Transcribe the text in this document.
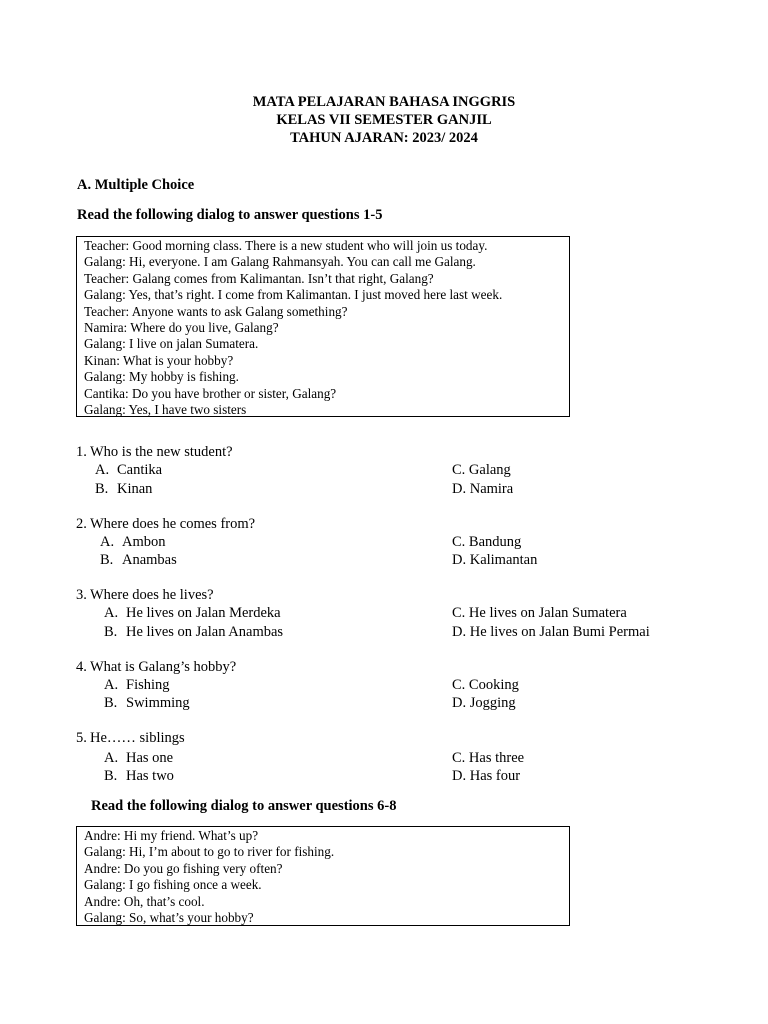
MATA PELAJARAN BAHASA INGGRIS
KELAS VII SEMESTER GANJIL
TAHUN AJARAN: 2023/ 2024
A. Multiple Choice
Read the following dialog to answer questions 1-5
Teacher: Good morning class. There is a new student who will join us today.
Galang: Hi, everyone. I am Galang Rahmansyah. You can call me Galang.
Teacher: Galang comes from Kalimantan. Isn’t that right, Galang?
Galang: Yes, that’s right. I come from Kalimantan. I just moved here last week.
Teacher: Anyone wants to ask Galang something?
Namira: Where do you live, Galang?
Galang: I live on jalan Sumatera.
Kinan: What is your hobby?
Galang: My hobby is fishing.
Cantika: Do you have brother or sister, Galang?
Galang: Yes, I have two sisters
1. Who is the new student?
A. Cantika
B. Kinan
C. Galang
D. Namira
2. Where does he comes from?
A. Ambon
B. Anambas
C. Bandung
D. Kalimantan
3. Where does he lives?
A. He lives on Jalan Merdeka
B. He lives on Jalan Anambas
C. He lives on Jalan Sumatera
D. He lives on Jalan Bumi Permai
4. What is Galang’s hobby?
A. Fishing
B. Swimming
C. Cooking
D. Jogging
5. He…… siblings
A. Has one
B. Has two
C. Has three
D. Has four
Read the following dialog to answer questions 6-8
Andre: Hi my friend. What’s up?
Galang: Hi, I’m about to go to river for fishing.
Andre: Do you go fishing very often?
Galang: I go fishing once a week.
Andre: Oh, that’s cool.
Galang: So, what’s your hobby?
